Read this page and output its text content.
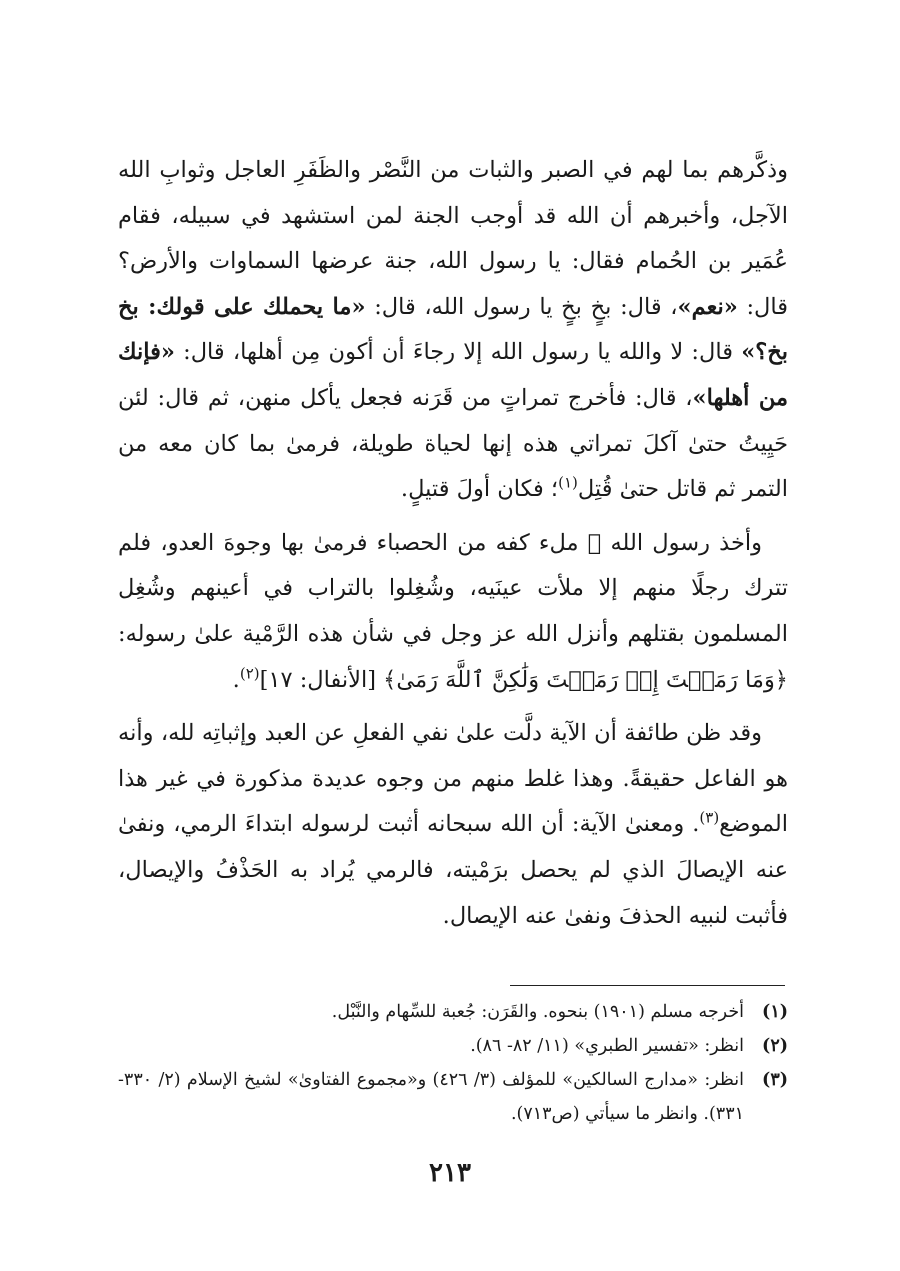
وذكَّرهم بما لهم في الصبر والثبات من النَّصْر والظَفَرِ العاجل وثوابِ الله الآجل، وأخبرهم أن الله قد أوجب الجنة لمن استشهد في سبيله، فقام عُمَير بن الحُمام فقال: يا رسول الله، جنة عرضها السماوات والأرض؟ قال: «نعم»، قال: بخٍ بخٍ يا رسول الله، قال: «ما يحملك على قولك: بخ بخ؟» قال: لا والله يا رسول الله إلا رجاءَ أن أكون مِن أهلها، قال: «فإنك من أهلها»، قال: فأخرج تمراتٍ من قَرَنه فجعل يأكل منهن، ثم قال: لئن حَيِيتُ حتىٰ آكلَ تمراتي هذه إنها لحياة طويلة، فرمىٰ بما كان معه من التمر ثم قاتل حتىٰ قُتِل$^{(١)}$؛ فكان أولَ قتيلٍ.

وأخذ رسول الله ﷺ ملء كفه من الحصباء فرمىٰ بها وجوهَ العدو، فلم تترك رجلًا منهم إلا ملأت عينَيه، وشُغِلوا بالتراب في أعينهم وشُغِل المسلمون بقتلهم وأنزل الله عز وجل في شأن هذه الرَّمْية علىٰ رسوله: ﴿وَمَا رَمَيۡتَ إِذۡ رَمَيۡتَ وَلَٰكِنَّ ٱللَّهَ رَمَىٰ﴾ [الأنفال: ١٧]$^{(٢)}$.

وقد ظن طائفة أن الآية دلَّت علىٰ نفي الفعلِ عن العبد وإثباتِه لله، وأنه هو الفاعل حقيقةً. وهذا غلط منهم من وجوه عديدة مذكورة في غير هذا الموضع$^{(٣)}$. ومعنىٰ الآية: أن الله سبحانه أثبت لرسوله ابتداءَ الرمي، ونفىٰ عنه الإيصالَ الذي لم يحصل برَمْيته، فالرمي يُراد به الحَذْفُ والإيصال، فأثبت لنبيه الحذفَ ونفىٰ عنه الإيصال.

(١)
أخرجه مسلم (١٩٠١) بنحوه. والقَرَن: جُعبة للسِّهام والنَّبْل.
(٢)
انظر: «تفسير الطبري» (١١/ ٨٢- ٨٦).
(٣)
انظر: «مدارج السالكين» للمؤلف (٣/ ٤٢٦) و«مجموع الفتاوىٰ» لشيخ الإسلام (٢/ ٣٣٠- ٣٣١). وانظر ما سيأتي (ص٧١٣).
٢١٣
